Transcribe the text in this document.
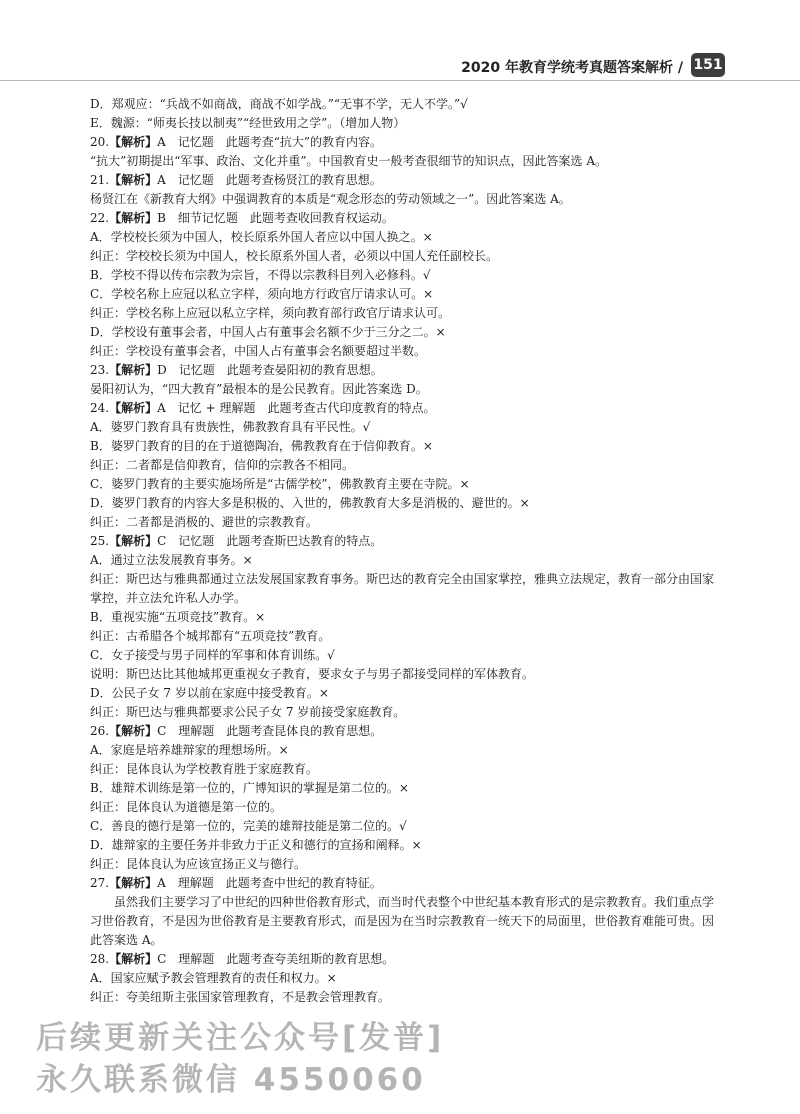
2020 年教育学统考真题答案解析 / 151
D．郑观应：“兵战不如商战，商战不如学战。”“无事不学，无人不学。”√
E．魏源：“师夷长技以制夷”“经世致用之学”。（增加人物）
20.【解析】A　记忆题　此题考查“抗大”的教育内容。
“抗大”初期提出“军事、政治、文化并重”。中国教育史一般考查很细节的知识点，因此答案选 A。
21.【解析】A　记忆题　此题考查杨贤江的教育思想。
杨贤江在《新教育大纲》中强调教育的本质是“观念形态的劳动领域之一”。因此答案选 A。
22.【解析】B　细节记忆题　此题考查收回教育权运动。
A．学校校长须为中国人，校长原系外国人者应以中国人换之。×
纠正：学校校长须为中国人，校长原系外国人者，必须以中国人充任副校长。
B．学校不得以传布宗教为宗旨，不得以宗教科目列入必修科。√
C．学校名称上应冠以私立字样，须向地方行政官厅请求认可。×
纠正：学校名称上应冠以私立字样，须向教育部行政官厅请求认可。
D．学校设有董事会者，中国人占有董事会名额不少于三分之二。×
纠正：学校设有董事会者，中国人占有董事会名额要超过半数。
23.【解析】D　记忆题　此题考查晏阳初的教育思想。
晏阳初认为，“四大教育”最根本的是公民教育。因此答案选 D。
24.【解析】A　记忆 + 理解题　此题考查古代印度教育的特点。
A．婆罗门教育具有贵族性，佛教教育具有平民性。√
B．婆罗门教育的目的在于道德陶冶，佛教教育在于信仰教育。×
纠正：二者都是信仰教育，信仰的宗教各不相同。
C．婆罗门教育的主要实施场所是“古儒学校”，佛教教育主要在寺院。×
D．婆罗门教育的内容大多是积极的、入世的，佛教教育大多是消极的、避世的。×
纠正：二者都是消极的、避世的宗教教育。
25.【解析】C　记忆题　此题考查斯巴达教育的特点。
A．通过立法发展教育事务。×
纠正：斯巴达与雅典都通过立法发展国家教育事务。斯巴达的教育完全由国家掌控，雅典立法规定，教育一部分由国家掌控，并立法允许私人办学。
B．重视实施“五项竞技”教育。×
纠正：古希腊各个城邦都有“五项竞技”教育。
C．女子接受与男子同样的军事和体育训练。√
说明：斯巴达比其他城邦更重视女子教育，要求女子与男子都接受同样的军体教育。
D．公民子女 7 岁以前在家庭中接受教育。×
纠正：斯巴达与雅典都要求公民子女 7 岁前接受家庭教育。
26.【解析】C　理解题　此题考查昆体良的教育思想。
A．家庭是培养雄辩家的理想场所。×
纠正：昆体良认为学校教育胜于家庭教育。
B．雄辩术训练是第一位的，广博知识的掌握是第二位的。×
纠正：昆体良认为道德是第一位的。
C．善良的德行是第一位的，完美的雄辩技能是第二位的。√
D．雄辩家的主要任务并非致力于正义和德行的宣扬和阐释。×
纠正：昆体良认为应该宣扬正义与德行。
27.【解析】A　理解题　此题考查中世纪的教育特征。
虽然我们主要学习了中世纪的四种世俗教育形式，而当时代表整个中世纪基本教育形式的是宗教教育。我们重点学习世俗教育，不是因为世俗教育是主要教育形式，而是因为在当时宗教教育一统天下的局面里，世俗教育难能可贵。因此答案选 A。
28.【解析】C　理解题　此题考查夸美纽斯的教育思想。
A．国家应赋予教会管理教育的责任和权力。×
纠正：夸美纽斯主张国家管理教育，不是教会管理教育。
后续更新关注公众号[发普]
永久联系微信 4550060
